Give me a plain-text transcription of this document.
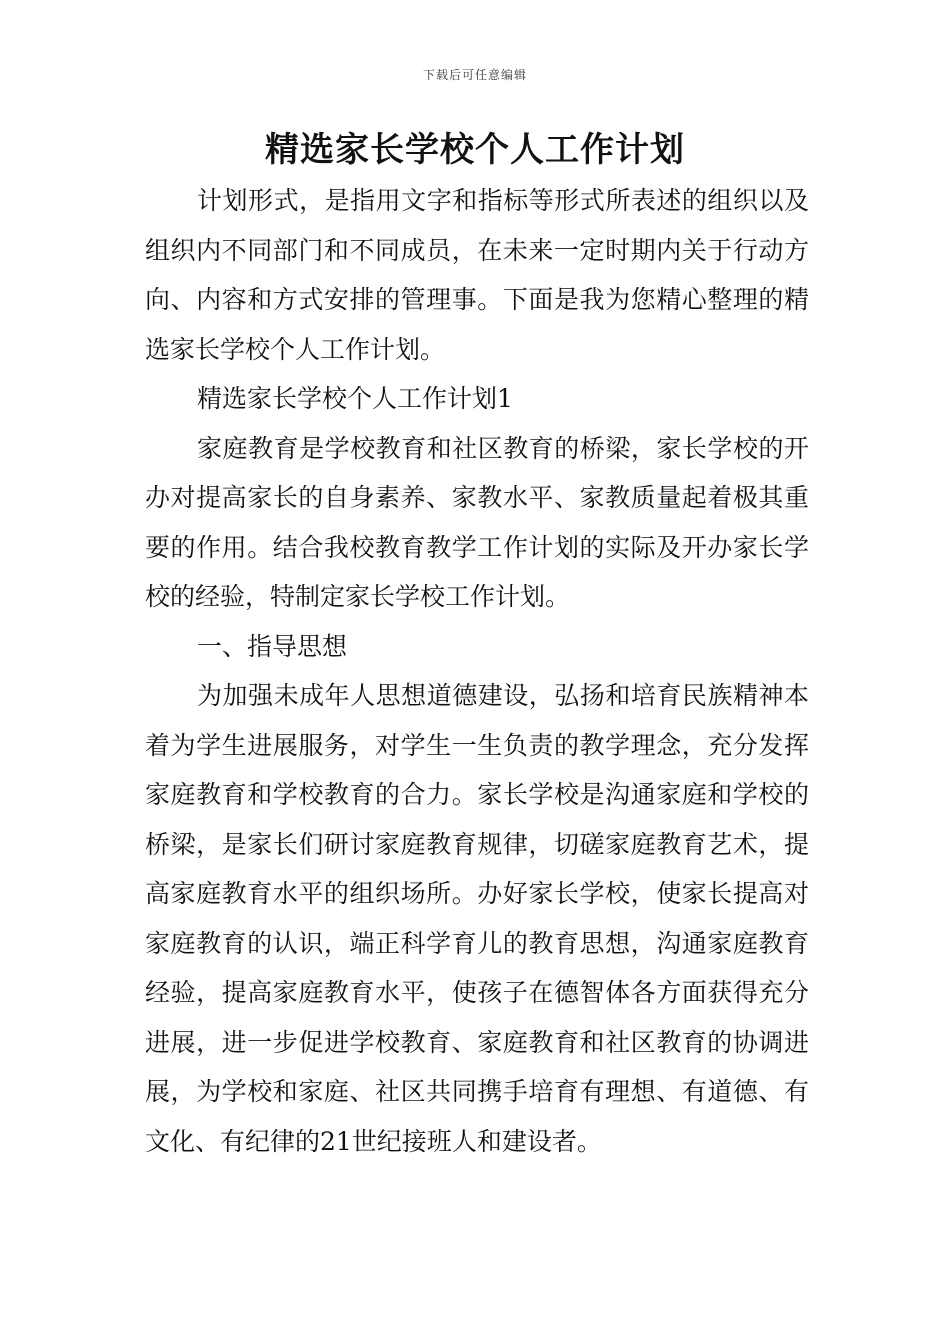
下载后可任意编辑
精选家长学校个人工作计划

计划形式，是指用文字和指标等形式所表述的组织以及组织内不同部门和不同成员，在未来一定时期内关于行动方向、内容和方式安排的管理事。下面是我为您精心整理的精选家长学校个人工作计划。

精选家长学校个人工作计划1

家庭教育是学校教育和社区教育的桥梁，家长学校的开办对提高家长的自身素养、家教水平、家教质量起着极其重要的作用。结合我校教育教学工作计划的实际及开办家长学校的经验，特制定家长学校工作计划。

一、指导思想

为加强未成年人思想道德建设，弘扬和培育民族精神本着为学生进展服务，对学生一生负责的教学理念，充分发挥家庭教育和学校教育的合力。家长学校是沟通家庭和学校的桥梁，是家长们研讨家庭教育规律，切磋家庭教育艺术，提高家庭教育水平的组织场所。办好家长学校，使家长提高对家庭教育的认识，端正科学育儿的教育思想，沟通家庭教育经验，提高家庭教育水平，使孩子在德智体各方面获得充分进展，进一步促进学校教育、家庭教育和社区教育的协调进展，为学校和家庭、社区共同携手培育有理想、有道德、有文化、有纪律的21世纪接班人和建设者。
